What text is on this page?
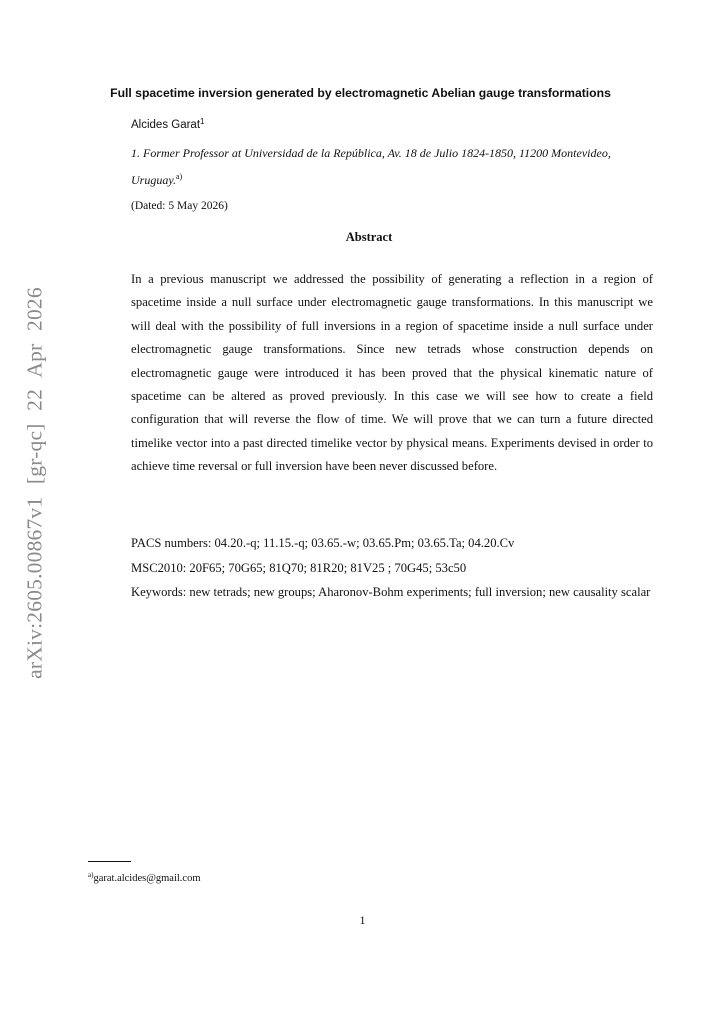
arXiv:2605.00867v1 [gr-qc] 22 Apr 2026
Full spacetime inversion generated by electromagnetic Abelian gauge transformations
Alcides Garat$^1$
1. Former Professor at Universidad de la República, Av. 18 de Julio 1824-1850, 11200 Montevideo, Uruguay.$^{a)}$
(Dated: 5 May 2026)
Abstract

In a previous manuscript we addressed the possibility of generating a reflection in a region of spacetime inside a null surface under electromagnetic gauge transformations. In this manuscript we will deal with the possibility of full inversions in a region of spacetime inside a null surface under electromagnetic gauge transformations. Since new tetrads whose construction depends on electromagnetic gauge were introduced it has been proved that the physical kinematic nature of spacetime can be altered as proved previously. In this case we will see how to create a field configuration that will reverse the flow of time. We will prove that we can turn a future directed timelike vector into a past directed timelike vector by physical means. Experiments devised in order to achieve time reversal or full inversion have been never discussed before.

PACS numbers: 04.20.-q; 11.15.-q; 03.65.-w; 03.65.Pm; 03.65.Ta; 04.20.Cv

MSC2010: 20F65; 70G65; 81Q70; 81R20; 81V25 ; 70G45; 53c50

Keywords: new tetrads; new groups; Aharonov-Bohm experiments; full inversion; new causality scalar

$^{a)}$garat.alcides@gmail.com
1
